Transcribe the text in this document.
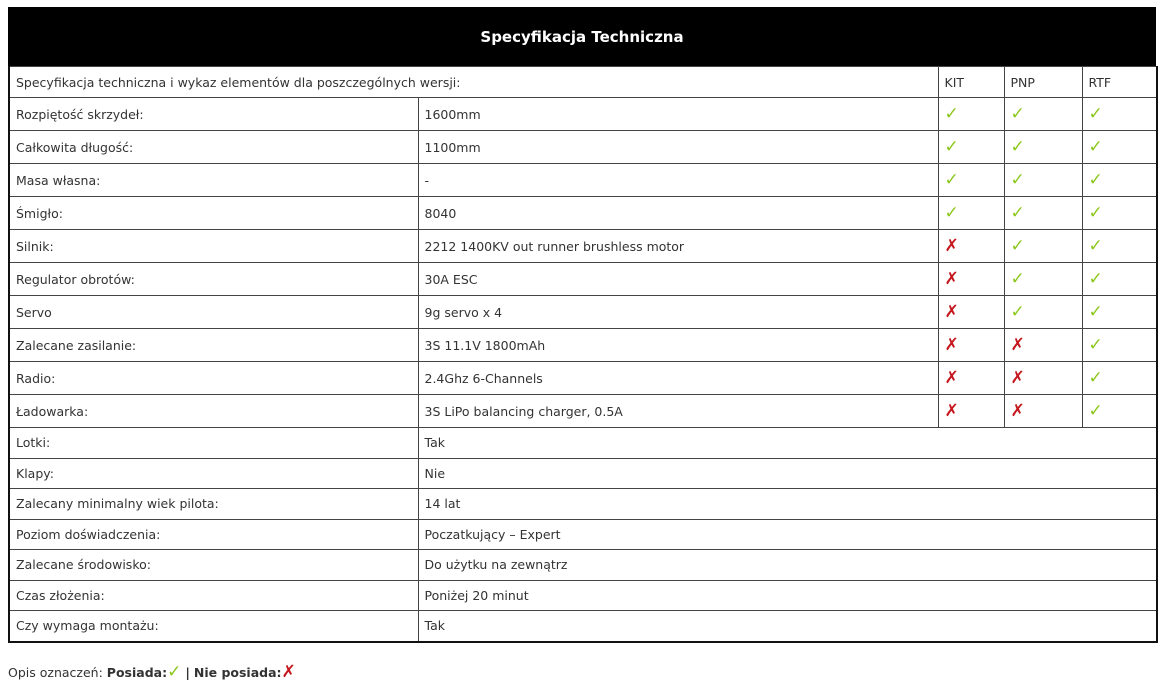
Specyfikacja Techniczna
Specyfikacja techniczna i wykaz elementów dla poszczególnych wersji:		KIT	PNP	RTF
Rozpiętość skrzydeł:	1600mm	✓	✓	✓
Całkowita długość:	1100mm	✓	✓	✓
Masa własna:	-	✓	✓	✓
Śmigło:	8040	✓	✓	✓
Silnik:	2212 1400KV out runner brushless motor	✗	✓	✓
Regulator obrotów:	30A ESC	✗	✓	✓
Servo	9g servo x 4	✗	✓	✓
Zalecane zasilanie:	3S 11.1V 1800mAh	✗	✗	✓
Radio:	2.4Ghz 6-Channels	✗	✗	✓
Ładowarka:	3S LiPo balancing charger, 0.5A	✗	✗	✓
Lotki:	Tak			
Klapy:	Nie			
Zalecany minimalny wiek pilota:	14 lat			
Poziom doświadczenia:	Poczatkujący – Expert			
Zalecane środowisko:	Do użytku na zewnątrz			
Czas złożenia:	Poniżej 20 minut			
Czy wymaga montażu:	Tak			
Opis oznaczeń: Posiada:✓ | Nie posiada:✗
